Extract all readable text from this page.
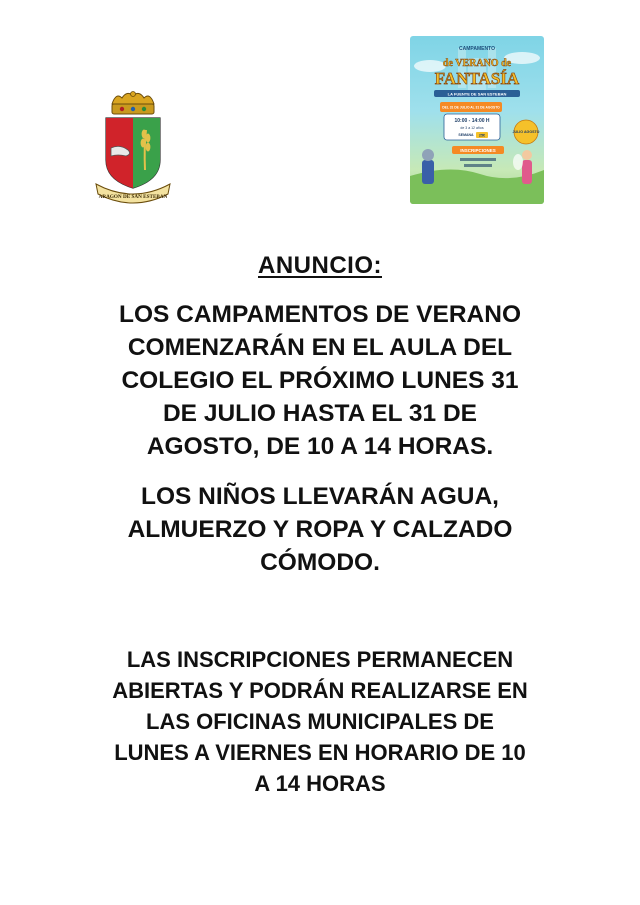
ARAGON DE SAN ESTEBAN
CAMPAMENTO
de VERANO de
FANTASÍA
LA FUENTE DE SAN ESTEBAN
DEL 31 DE JULIO AL 31 DE AGOSTO
10:00 - 14:00 H
de 3 a 12 años
SEMANA 25€
JULIO AGOSTO
INSCRIPCIONES
ANUNCIO:
LOS CAMPAMENTOS DE VERANO
COMENZARÁN EN EL AULA DEL
COLEGIO EL PRÓXIMO LUNES 31
DE JULIO HASTA EL 31 DE
AGOSTO, DE 10 A 14 HORAS.
LOS NIÑOS LLEVARÁN AGUA,
ALMUERZO Y ROPA Y CALZADO
CÓMODO.
LAS INSCRIPCIONES PERMANECEN
ABIERTAS Y PODRÁN REALIZARSE EN
LAS OFICINAS MUNICIPALES DE
LUNES A VIERNES EN HORARIO DE 10
A 14 HORAS
